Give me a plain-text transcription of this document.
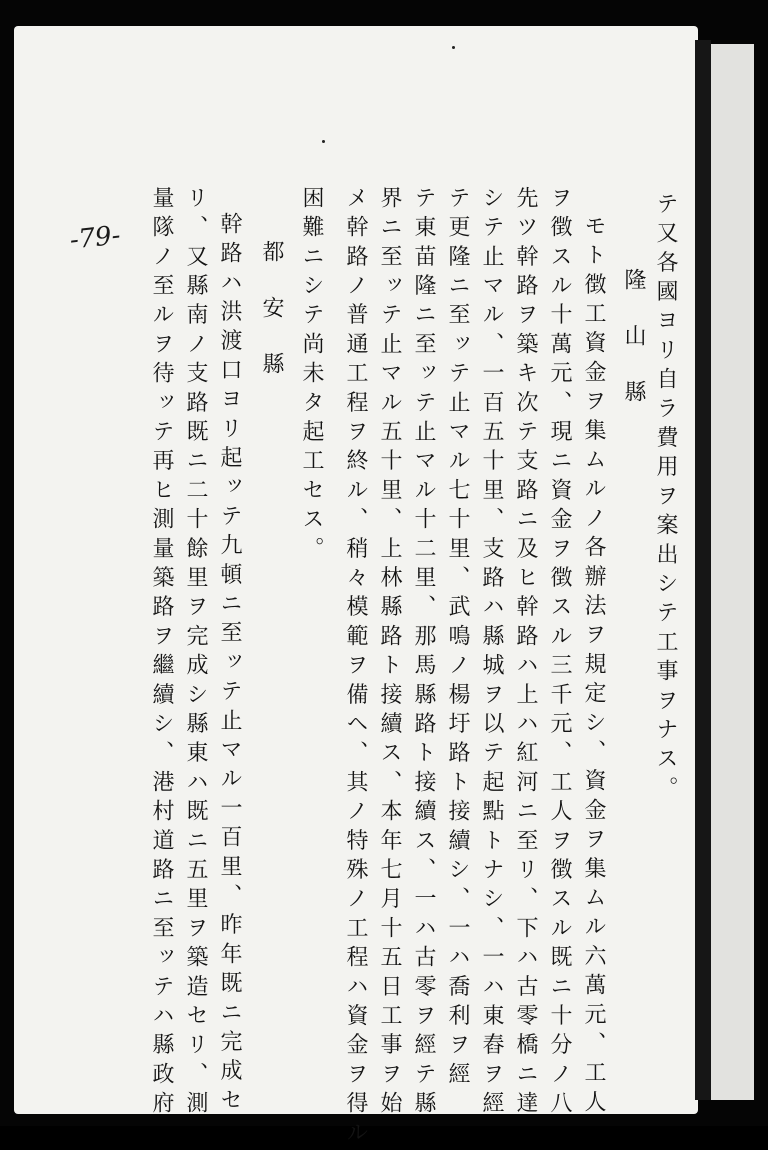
-79-	テ又各國ヨリ自ラ費用ヲ案出シテ工事ヲナス。
隆山縣
モト徴工資金ヲ集ムルノ各辦法ヲ規定シ、資金ヲ集ムル六萬元、工人
ヲ徴スル十萬元、現ニ資金ヲ徴スル三千元、工人ヲ徴スル既ニ十分ノ八
先ツ幹路ヲ築キ次テ支路ニ及ヒ幹路ハ上ハ紅河ニ至リ、下ハ古零橋ニ達
シテ止マル、一百五十里、支路ハ縣城ヲ以テ起點トナシ、一ハ東舂ヲ經
テ更隆ニ至ッテ止マル七十里、武鳴ノ楊圩路ト接續シ、一ハ喬利ヲ經
テ東苗隆ニ至ッテ止マル十二里、那馬縣路ト接續ス、一ハ古零ヲ經テ縣
界ニ至ッテ止マル五十里、上林縣路ト接續ス、本年七月十五日工事ヲ始
メ幹路ノ普通工程ヲ終ル、稍々模範ヲ備ヘ、其ノ特殊ノ工程ハ資金ヲ得ル
困難ニシテ尚未タ起工セス。
都安縣
幹路ハ洪渡口ヨリ起ッテ九頓ニ至ッテ止マル一百里、昨年既ニ完成セ
リ、又縣南ノ支路既ニ二十餘里ヲ完成シ縣東ハ既ニ五里ヲ築造セリ、測
量隊ノ至ルヲ待ッテ再ヒ測量築路ヲ繼續シ、港村道路ニ至ッテハ縣政府
